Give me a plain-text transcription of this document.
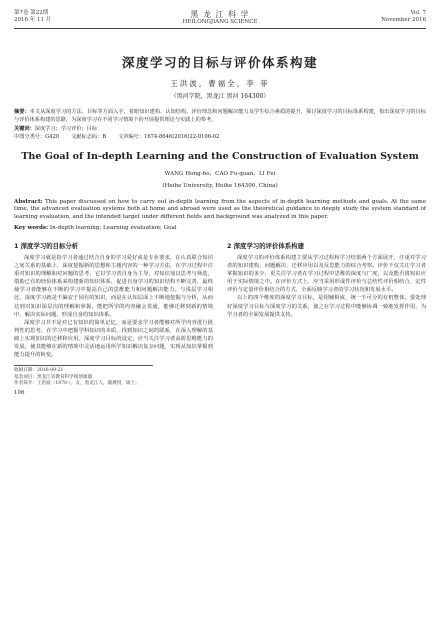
第7卷 第22期
2016 年 11 月
黑 龙 江 科 学
HEILONGJIANG SCIENCE
Vol. 7
November 2016
深度学习的目标与评价体系构建
王洪波，曹福全，李 菲
（黑河学院，黑龙江 黑河 164300）
摘要：本文从深度学习的方法、目标等方面入手，着眼知识建构、认知结构、评价理念和问题解决能力及学生综合素质的提升，探讨深度学习的目标体系构建，指出深度学习的目标与评价体系构建的思路，为深度学习在不同学习情境下的开展提供理论与实践上的参考。
关键词：深度学习；学习评价；目标
中图分类号：G420 文献标志码：B 文章编号：1674-8646(2016)22-0106-02
The Goal of In-depth Learning and the Construction of Evaluation System
WANG Hong-bo，CAO Fu-quan，LI Fei
(Heihe University, Heihe 164300, China)
Abstract: This paper discussed on how to carry out in-depth learning from the aspects of in-depth learning methods and goals. At the same time, the advanced evaluation systems both at home and abroad were used as the theoretical guidance to deeply study the system standard of learning evaluation, and the intended target under different fields and background was analyzed in this paper.
Key words: In-depth learning; Learning evaluation; Goal
1 深度学习的目标分析

深度学习就是指学习者通过结合自身的学习爱好或是专业要求，在认真联合知识之间关系的基础上，深度挖掘新的思想和主题内容的一种学习方法，在学习过程中注重对知识的理解和对问题的思考，它以学习者自身为主导，对知识加以思考与筛选，借助已有的经验体系来构建新的知识体系，促进自身学习的知识结构不断完善，最终使学习者能够在不断的学习中提高自己的思维能力和问题解决能力。与浅层学习相比，深度学习就是不偏安于固有的知识，而是在认知层面上不断地挖掘与分析，从而达到对知识深层次的理解和掌握，能把所学的内容融会贯通，能够迁移到新的情境中，解决实际问题，形成自身的知识体系。

深度学习并不是对已有知识的简单记忆，而是要求学习者能够对所学内容进行批判性的思考，在学习中把握学科知识的本质，找到知识之间的联系，在深入理解的基础上实现知识的迁移和应用。深度学习目标的设定，应当关注学习者高阶思维能力的发展，使其能够在新的情境中灵活地运用所学知识解决复杂问题，实现从知识掌握到能力提升的转变。

收稿日期：2016-09-21
基金项目：黑龙江省教育科学规划课题
作者简介：王洪波（1970-），女，黑龙江人，副教授，硕士。
106
2 深度学习的评价体系构建

深度学习的评价体系构建主要从学习过程和学习结果两个方面展开，注重对学习者的知识建构、问题解决、迁移应用以及反思能力的综合考察。评价不仅关注学习者掌握知识的多少，更关注学习者在学习过程中思维的深度与广度，以及能否将知识应用于实际情境之中。在评价方式上，应当采用形成性评价与总结性评价相结合、定性评价与定量评价相结合的方式，全面反映学习者的学习状况和发展水平。

以上的四个维度的深度学习目标，是相辅相成、统一不可分的有机整体，要处理好深度学习目标与深度学习的关系，使之在学习过程中能够协调一致地发挥作用，为学习者的全面发展提供支持。
